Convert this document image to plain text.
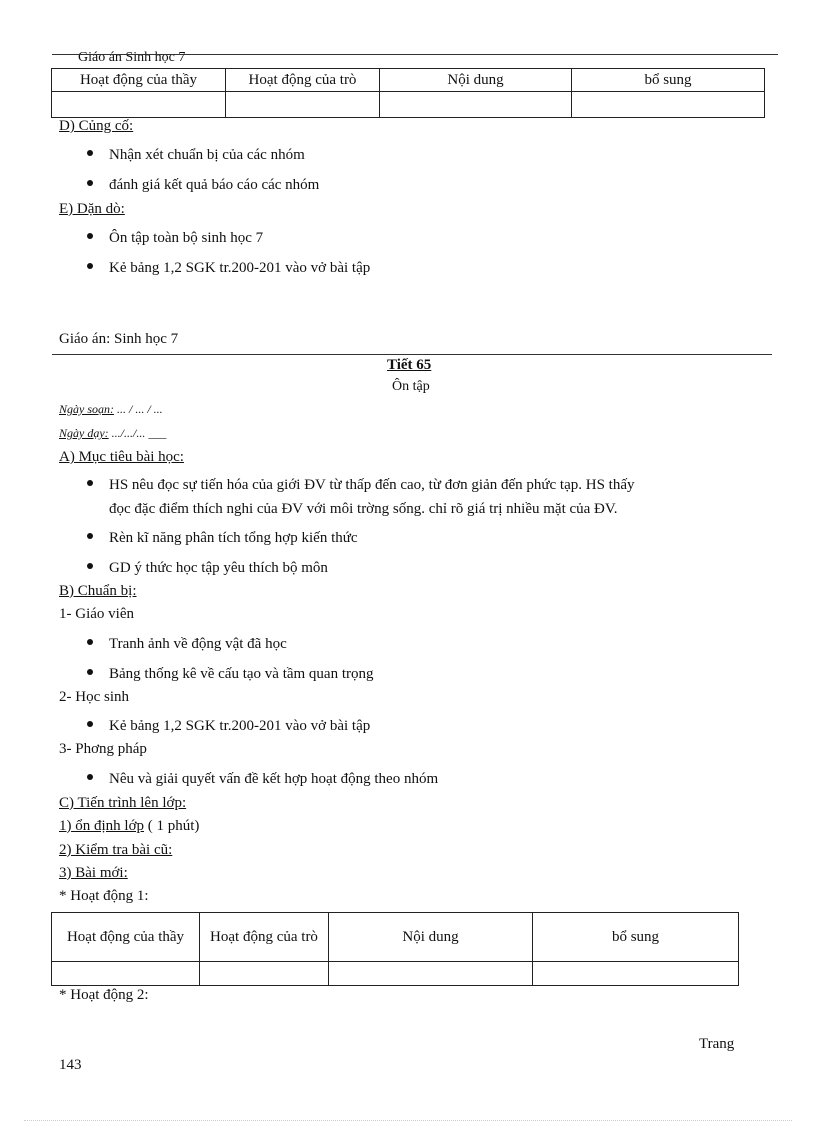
Giáo án Sinh học 7
Hoạt động của thầy	Hoạt động của trò	Nội dung	bổ sung

D) Củng cố:
Nhận xét chuẩn bị của các nhóm
đánh giá kết quả báo cáo các nhóm
E) Dặn dò:
Ôn tập toàn bộ sinh học 7
Kẻ bảng 1,2 SGK tr.200-201 vào vở bài tập
Giáo án: Sinh học 7
Tiết 65
Ôn tập
Ngày soạn: ... / ... / ...
Ngày dạy: .../.../... ___
A) Mục tiêu bài học:
HS nêu đọc sự tiến hóa của giới ĐV từ thấp đến cao, từ đơn giản đến phức tạp. HS thấy
đọc đặc điểm thích nghi của ĐV với môi trờng sống. chỉ rõ giá trị nhiều mặt của ĐV.
Rèn kĩ năng phân tích tổng hợp kiến thức
GD ý thức học tập yêu thích bộ môn
B) Chuẩn bị:
1- Giáo viên
Tranh ảnh về động vật đã học
Bảng thống kê về cấu tạo và tầm quan trọng
2- Học sinh
Kẻ bảng 1,2 SGK tr.200-201 vào vở bài tập
3- Phơng pháp
Nêu và giải quyết vấn đề kết hợp hoạt động theo nhóm
C) Tiến trình lên lớp:
1) ổn định lớp ( 1 phút)
2) Kiểm tra bài cũ:
3) Bài mới:
* Hoạt động 1:
Hoạt động của thầy	Hoạt động của trò	Nội dung	bổ sung

* Hoạt động 2:
Trang
143
